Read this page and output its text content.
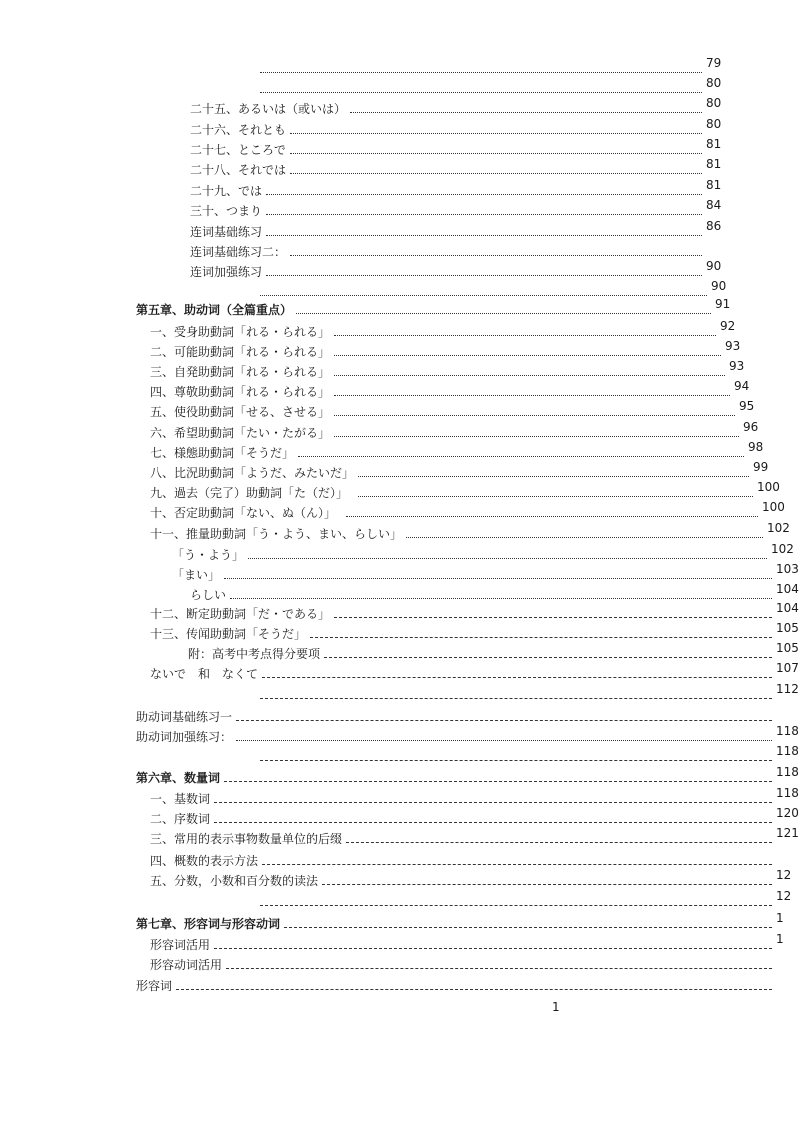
79
80
二十五、あるいは（或いは）	80
二十六、それとも	80
二十七、ところで	81
二十八、それでは	81
二十九、では	81
三十、つまり	84
连词基础练习	86
连词基础练习二：
连词加强练习	90
90
第五章、助动词（全篇重点）	91
一、受身助動詞「れる・られる」	92
二、可能助動詞「れる・られる」	93
三、自発助動詞「れる・られる」	93
四、尊敬助動詞「れる・られる」	94
五、使役助動詞「せる、させる」	95
六、希望助動詞「たい・たがる」	96
七、様態助動詞「そうだ」	98
八、比況助動詞「ようだ、みたいだ」	99
九、過去（完了）助動詞「た（だ）」	100
十、否定助動詞「ない、ぬ（ん）」	100
十一、推量助動詞「う・よう、まい、らしい」	102
「う・よう」	102
「まい」	103
らしい	104
十二、断定助動詞「だ・である」	104
十三、传闻助動詞「そうだ」	105
附：高考中考点得分要项	105
ないで　和　なくて	107
112
助动词基础练习一
助动词加强练习：	118
118
第六章、数量词	118
一、基数词	118
二、序数词	120
三、常用的表示事物数量单位的后缀	121
四、概数的表示方法
五、分数，小数和百分数的读法	12
12
第七章、形容词与形容动词	1
形容词活用	1
形容动词活用
形容词
1
